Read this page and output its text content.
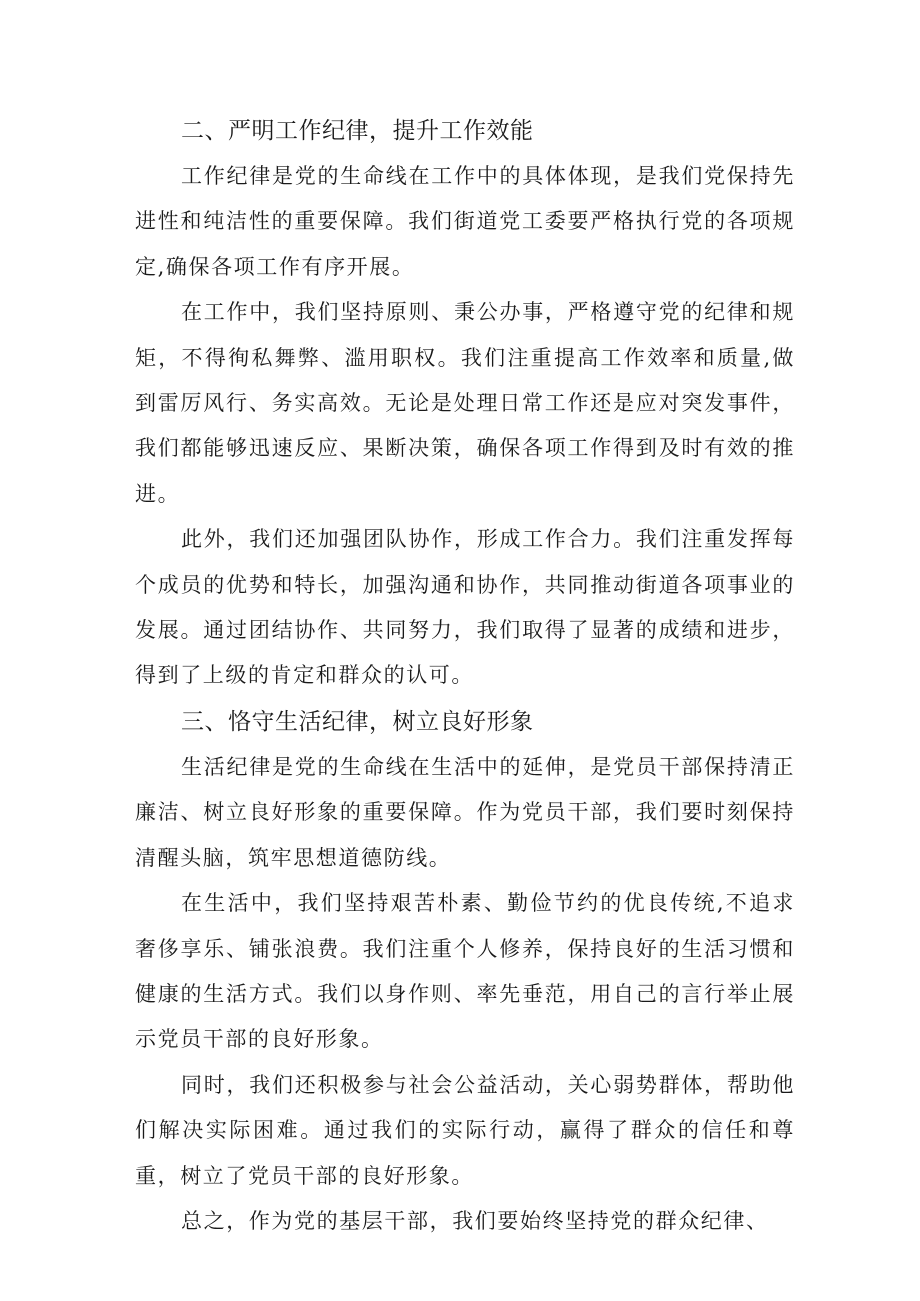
二、严明工作纪律，提升工作效能

工作纪律是党的生命线在工作中的具体体现，是我们党保持先进性和纯洁性的重要保障。我们街道党工委要严格执行党的各项规定,确保各项工作有序开展。

在工作中，我们坚持原则、秉公办事，严格遵守党的纪律和规矩，不得徇私舞弊、滥用职权。我们注重提高工作效率和质量,做到雷厉风行、务实高效。无论是处理日常工作还是应对突发事件，我们都能够迅速反应、果断决策，确保各项工作得到及时有效的推进。

此外，我们还加强团队协作，形成工作合力。我们注重发挥每个成员的优势和特长，加强沟通和协作，共同推动街道各项事业的发展。通过团结协作、共同努力，我们取得了显著的成绩和进步，得到了上级的肯定和群众的认可。

三、恪守生活纪律，树立良好形象

生活纪律是党的生命线在生活中的延伸，是党员干部保持清正廉洁、树立良好形象的重要保障。作为党员干部，我们要时刻保持清醒头脑，筑牢思想道德防线。

在生活中，我们坚持艰苦朴素、勤俭节约的优良传统,不追求奢侈享乐、铺张浪费。我们注重个人修养，保持良好的生活习惯和健康的生活方式。我们以身作则、率先垂范，用自己的言行举止展示党员干部的良好形象。

同时，我们还积极参与社会公益活动，关心弱势群体，帮助他们解决实际困难。通过我们的实际行动，赢得了群众的信任和尊重，树立了党员干部的良好形象。

总之，作为党的基层干部，我们要始终坚持党的群众纪律、
